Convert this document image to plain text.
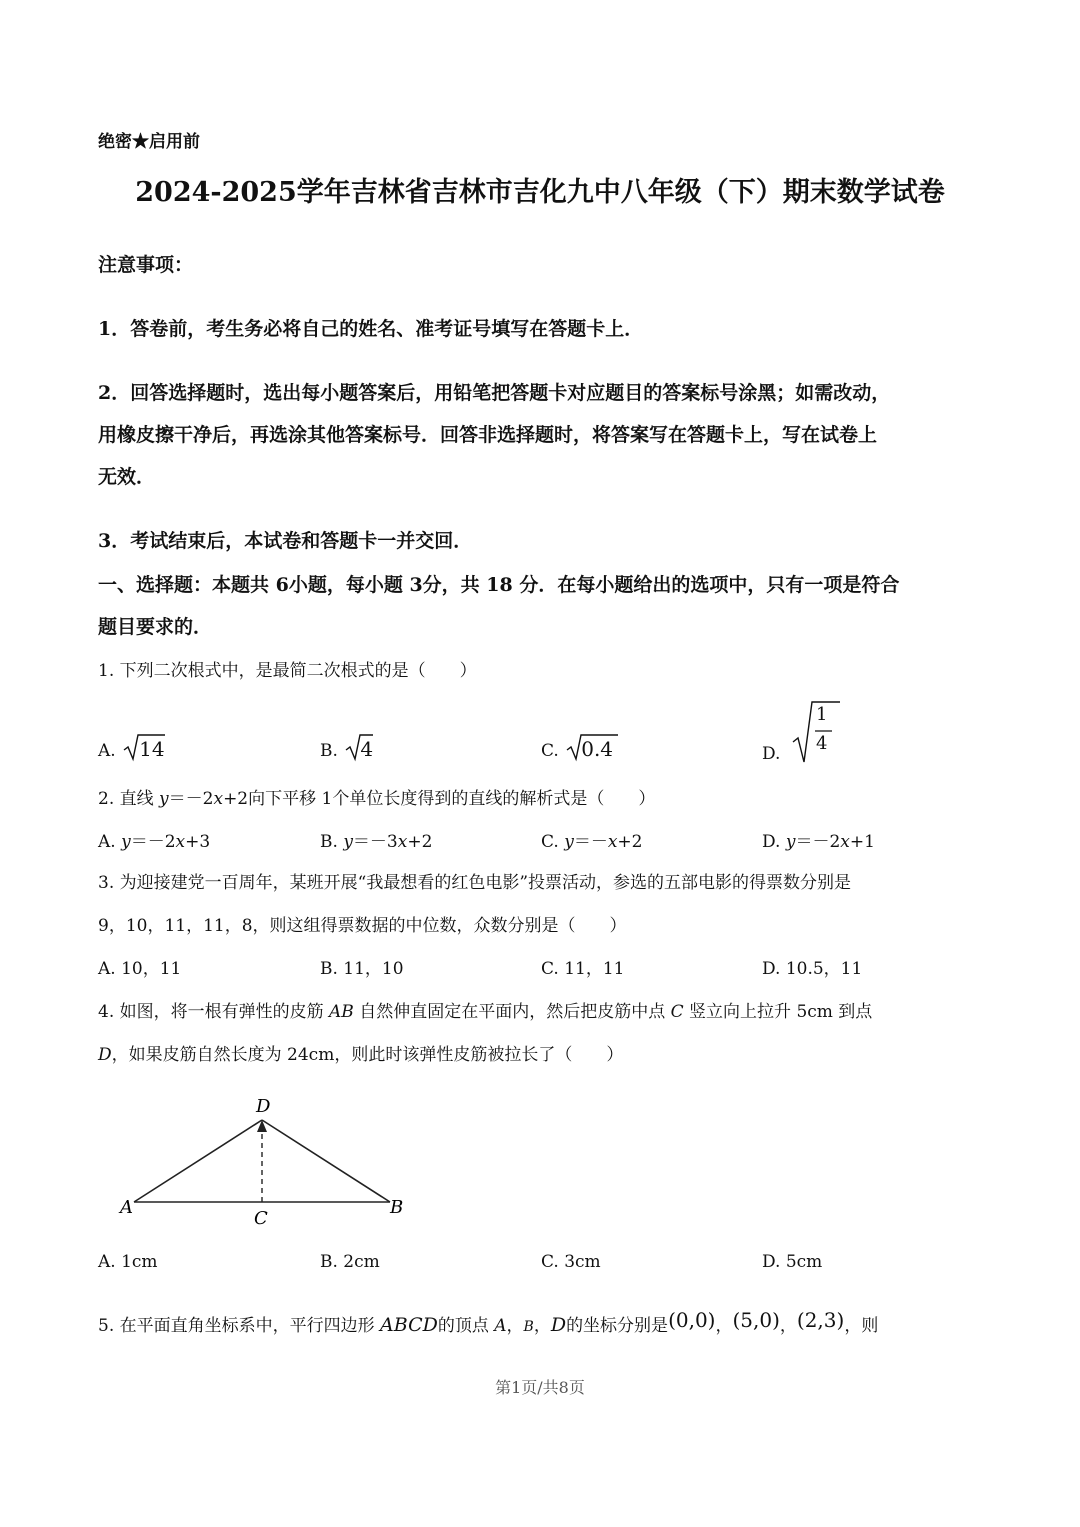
绝密★启用前
2024-2025学年吉林省吉林市吉化九中八年级（下）期末数学试卷
注意事项：
1．答卷前，考生务必将自己的姓名、准考证号填写在答题卡上．
2．回答选择题时，选出每小题答案后，用铅笔把答题卡对应题目的答案标号涂黑；如需改动，
用橡皮擦干净后，再选涂其他答案标号．回答非选择题时，将答案写在答题卡上，写在试卷上
无效．
3．考试结束后，本试卷和答题卡一并交回．
一、选择题：本题共 6小题，每小题 3分，共 18 分．在每小题给出的选项中，只有一项是符合
题目要求的．
1. 下列二次根式中，是最简二次根式的是（　　）
A. 14	B. 4	C. 0.4	D.
1
4
2. 直线 y＝－2x+2向下平移 1个单位长度得到的直线的解析式是（　　）
A. y＝－2x+3	B. y＝－3x+2	C. y＝－x+2	D. y＝－2x+1
3. 为迎接建党一百周年，某班开展“我最想看的红色电影”投票活动，参选的五部电影的得票数分别是
9，10，11，11，8，则这组得票数据的中位数，众数分别是（　　）
A. 10，11	B. 11，10	C. 11，11	D. 10.5，11
4. 如图，将一根有弹性的皮筋 AB 自然伸直固定在平面内，然后把皮筋中点 C 竖立向上拉升 5cm 到点
D，如果皮筋自然长度为 24cm，则此时该弹性皮筋被拉长了（　　）
A	B
C
D
A. 1cm	B. 2cm	C. 3cm	D. 5cm
5. 在平面直角坐标系中，平行四边形 ABCD的顶点 A，B，D的坐标分别是(0,0)，(5,0)，(2,3)，则
第1页/共8页
